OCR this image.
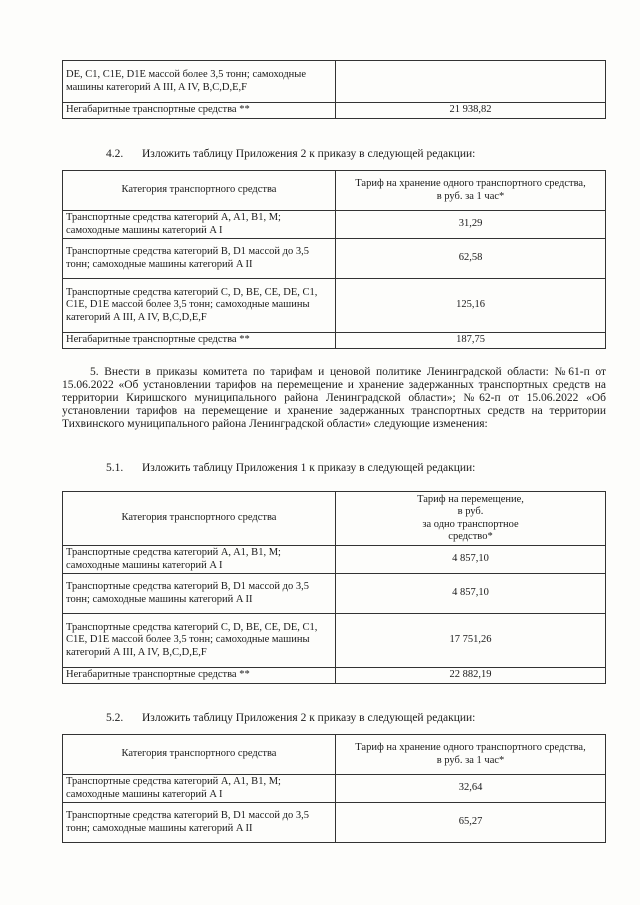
DE, C1, C1E, D1E массой более 3,5 тонн; самоходные машины категорий A III, A IV, B,C,D,E,F	
Негабаритные транспортные средства **	21 938,82
4.2. Изложить таблицу Приложения 2 к приказу в следующей редакции:
Категория транспортного средства	Тариф на хранение одного транспортного средства,
в руб. за 1 час*

Транспортные средства категорий A, A1, B1, M; самоходные машины категорий A I	31,29
Транспортные средства категорий B, D1 массой до 3,5 тонн; самоходные машины категорий A II	62,58
Транспортные средства категорий C, D, BE, CE, DE, C1, C1E, D1E массой более 3,5 тонн; самоходные машины категорий A III, A IV, B,C,D,E,F	125,16
Негабаритные транспортные средства **	187,75
5. Внести в приказы комитета по тарифам и ценовой политике Ленинградской области: №61-п от 15.06.2022 «Об установлении тарифов на перемещение и хранение задержанных транспортных средств на территории Киришского муниципального района Ленинградской области»; №62-п от 15.06.2022 «Об установлении тарифов на перемещение и хранение задержанных транспортных средств на территории Тихвинского муниципального района Ленинградской области» следующие изменения:
5.1. Изложить таблицу Приложения 1 к приказу в следующей редакции:
Категория транспортного средства	Тариф на перемещение,
в руб.
за одно транспортное средство*

Транспортные средства категорий A, A1, B1, M; самоходные машины категорий A I	4 857,10
Транспортные средства категорий B, D1 массой до 3,5 тонн; самоходные машины категорий A II	4 857,10
Транспортные средства категорий C, D, BE, CE, DE, C1, C1E, D1E массой более 3,5 тонн; самоходные машины категорий A III, A IV, B,C,D,E,F	17 751,26
Негабаритные транспортные средства **	22 882,19
5.2. Изложить таблицу Приложения 2 к приказу в следующей редакции:
Категория транспортного средства	Тариф на хранение одного транспортного средства,
в руб. за 1 час*

Транспортные средства категорий A, A1, B1, M; самоходные машины категорий A I	32,64
Транспортные средства категорий B, D1 массой до 3,5 тонн; самоходные машины категорий A II	65,27
